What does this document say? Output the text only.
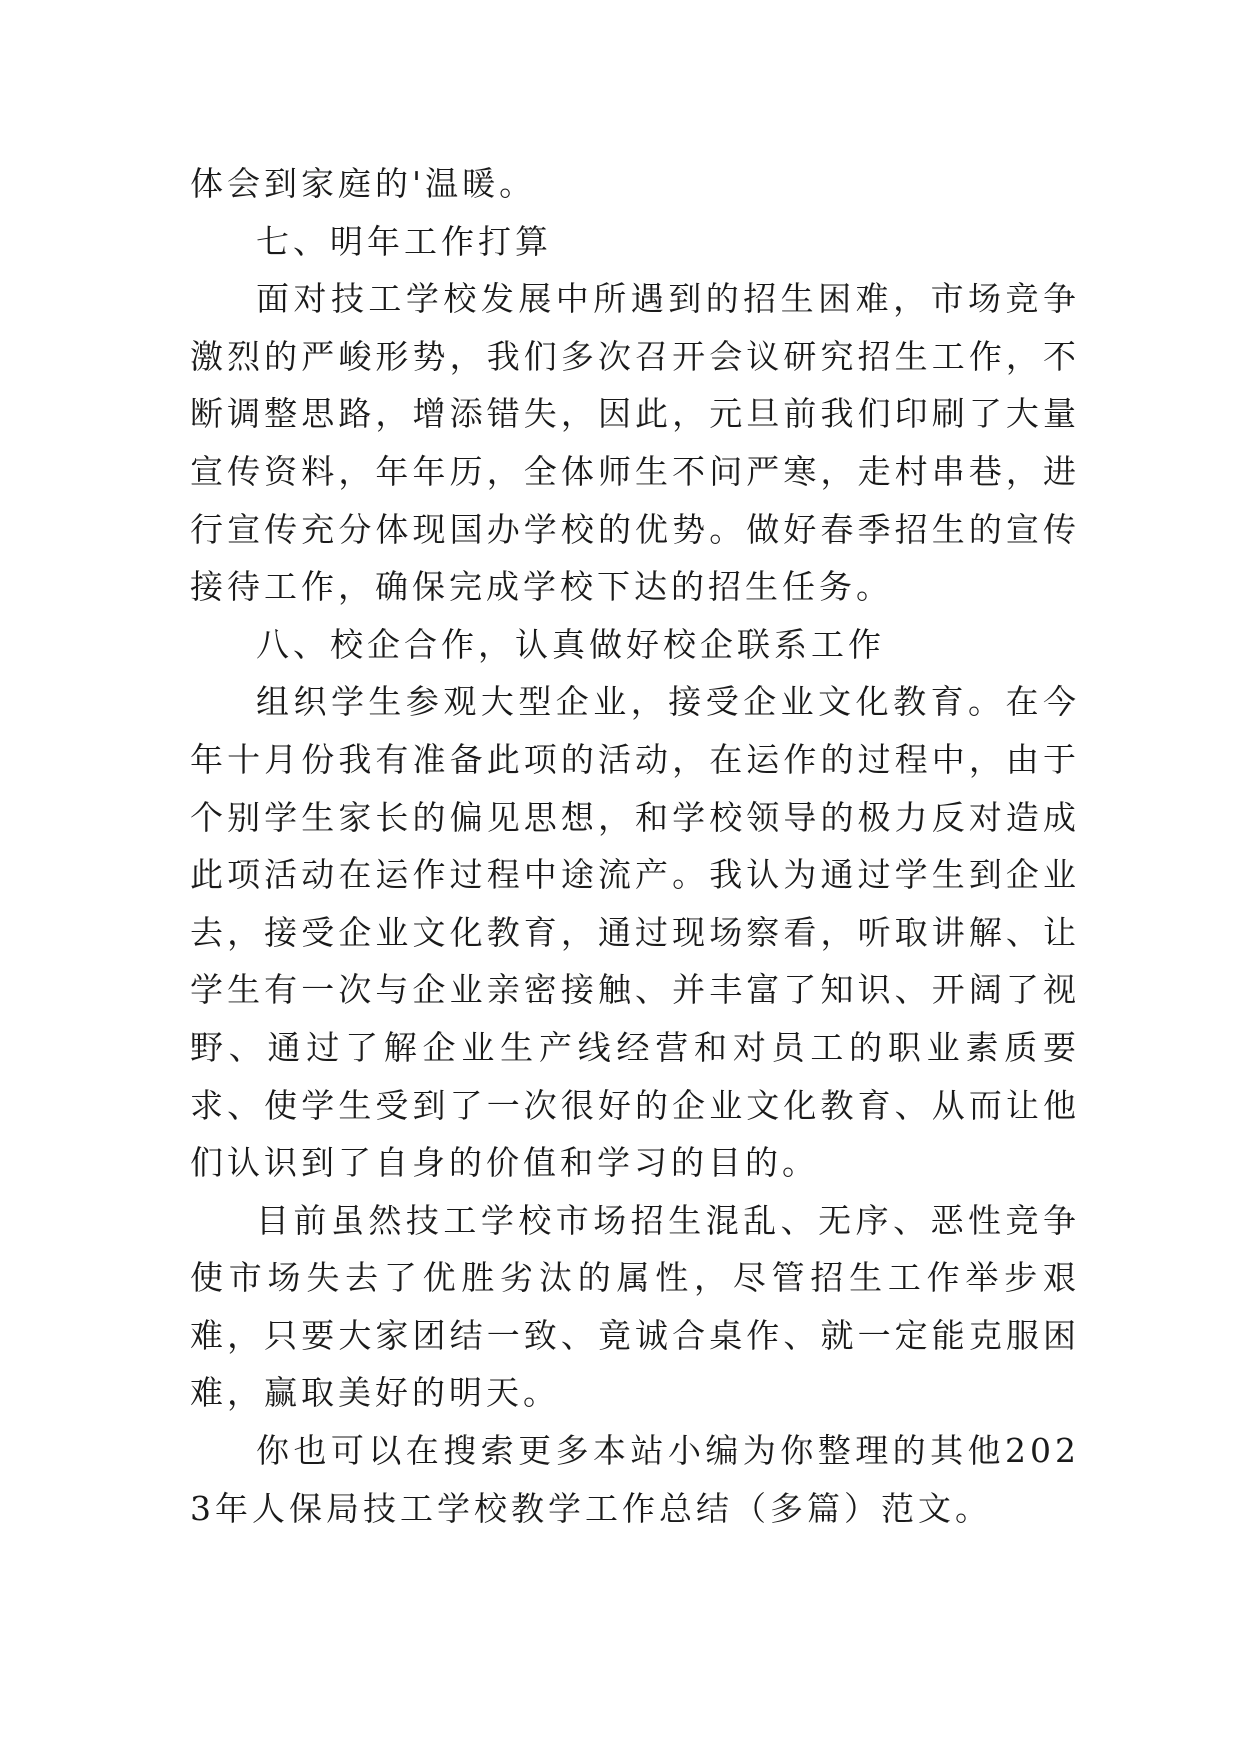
体会到家庭的'温暖。

七、明年工作打算

面对技工学校发展中所遇到的招生困难，市场竞争激烈的严峻形势，我们多次召开会议研究招生工作，不断调整思路，增添错失，因此，元旦前我们印刷了大量宣传资料，年年历，全体师生不问严寒，走村串巷，进行宣传充分体现国办学校的优势。做好春季招生的宣传接待工作，确保完成学校下达的招生任务。

八、校企合作，认真做好校企联系工作

组织学生参观大型企业，接受企业文化教育。在今年十月份我有准备此项的活动，在运作的过程中，由于个别学生家长的偏见思想，和学校领导的极力反对造成此项活动在运作过程中途流产。我认为通过学生到企业去，接受企业文化教育，通过现场察看，听取讲解、让学生有一次与企业亲密接触、并丰富了知识、开阔了视野、通过了解企业生产线经营和对员工的职业素质要求、使学生受到了一次很好的企业文化教育、从而让他们认识到了自身的价值和学习的目的。

目前虽然技工学校市场招生混乱、无序、恶性竞争使市场失去了优胜劣汰的属性，尽管招生工作举步艰难，只要大家团结一致、竟诚合桌作、就一定能克服困难，赢取美好的明天。

你也可以在搜索更多本站小编为你整理的其他2023年人保局技工学校教学工作总结（多篇）范文。
